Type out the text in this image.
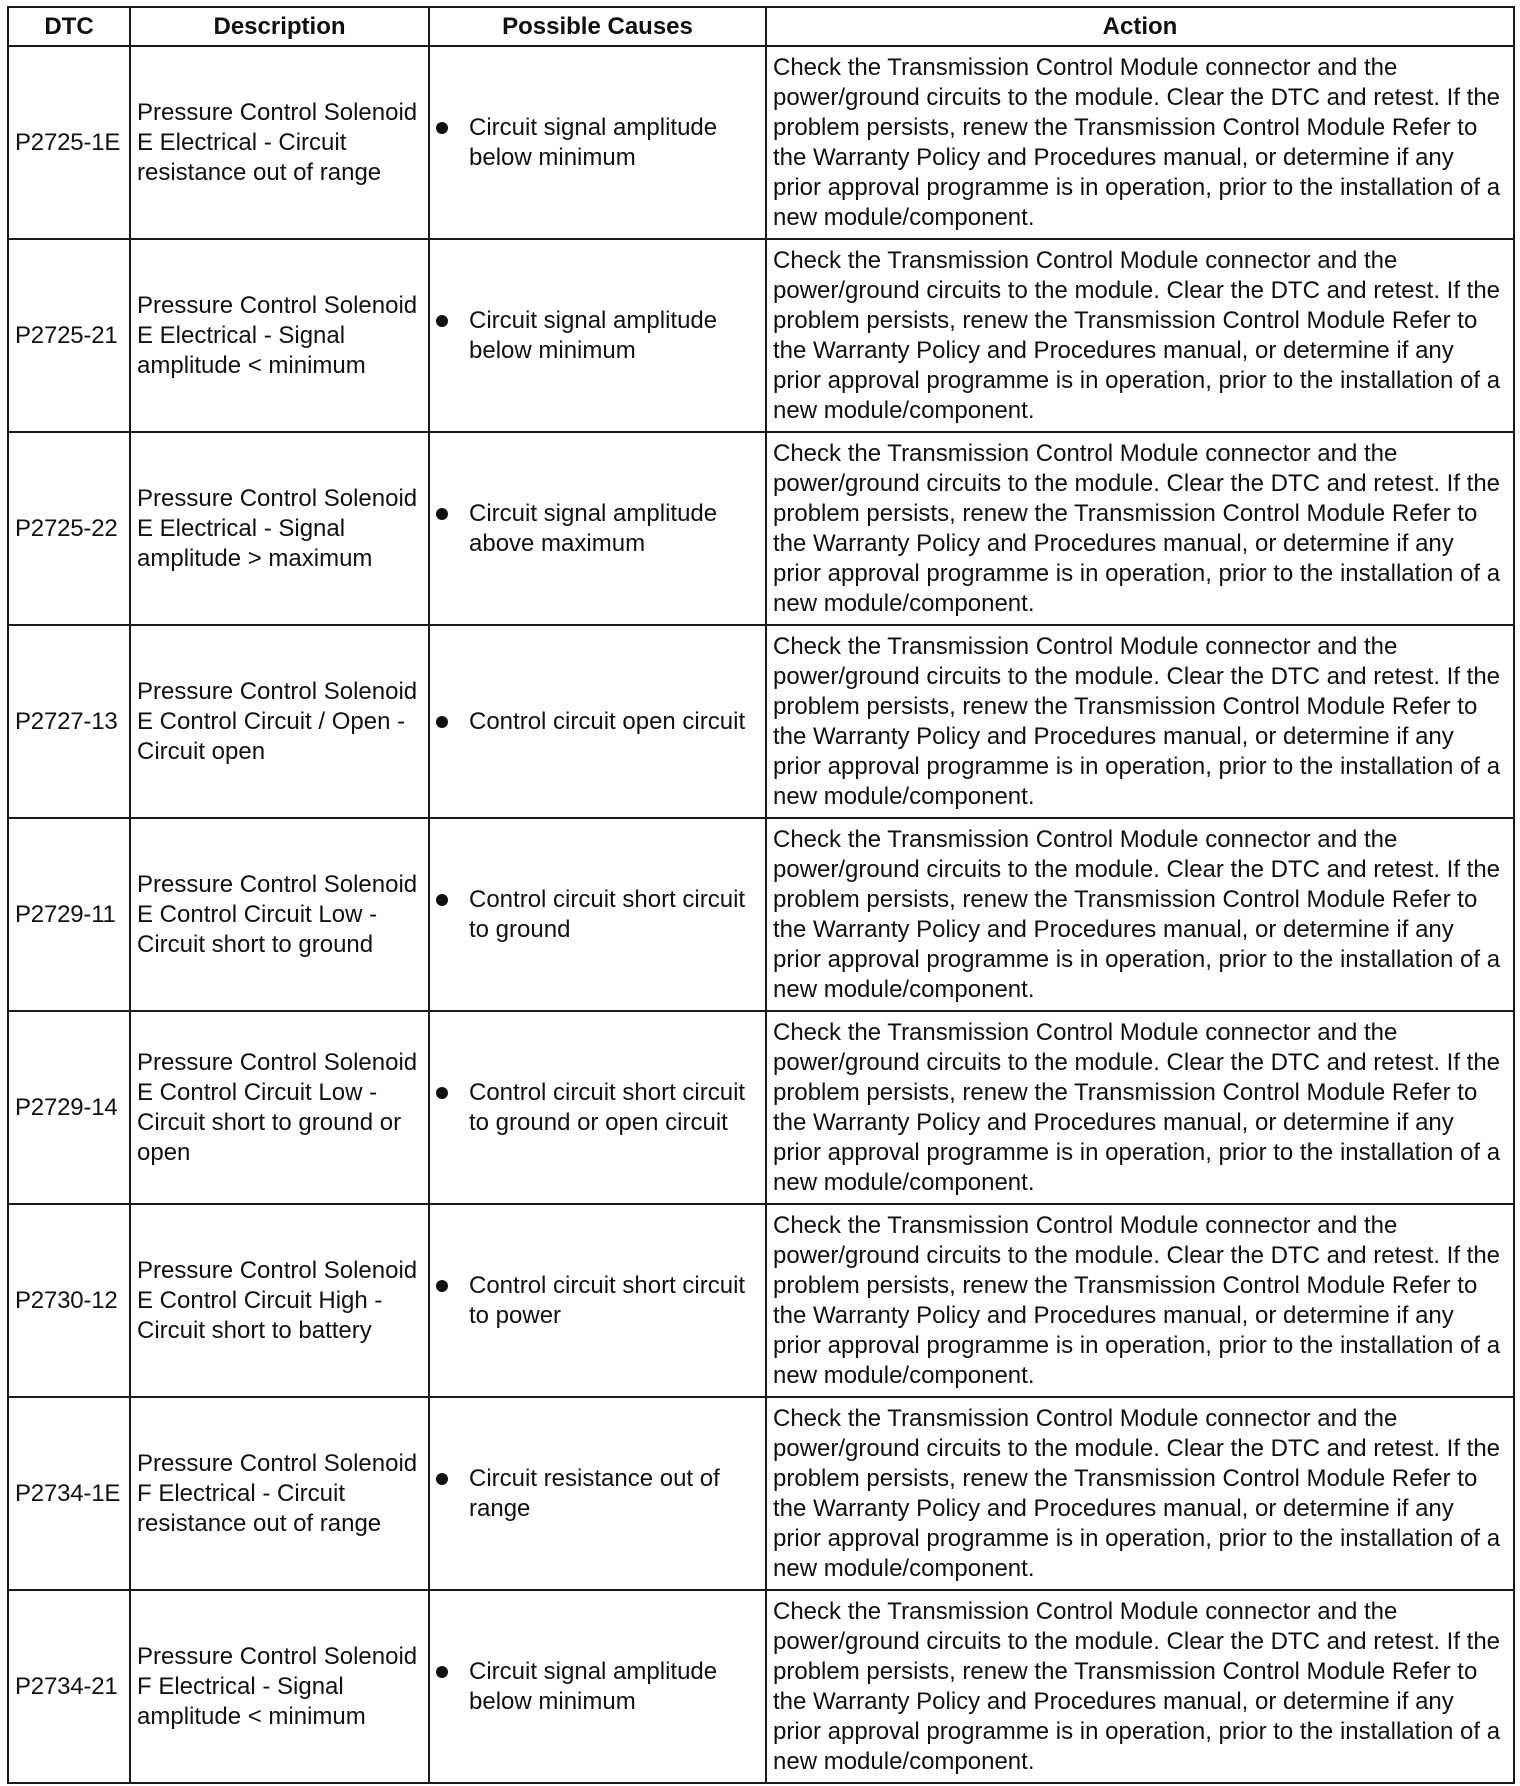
DTC	Description	Possible Causes	Action
P2725-1E	Pressure Control Solenoid E Electrical - Circuit resistance out of range	Circuit signal amplitude below minimum	Check the Transmission Control Module connector and the power/ground circuits to the module. Clear the DTC and retest. If the problem persists, renew the Transmission Control Module Refer to the Warranty Policy and Procedures manual, or determine if any prior approval programme is in operation, prior to the installation of a new module/component.
P2725-21	Pressure Control Solenoid E Electrical - Signal amplitude < minimum	Circuit signal amplitude below minimum	Check the Transmission Control Module connector and the power/ground circuits to the module. Clear the DTC and retest. If the problem persists, renew the Transmission Control Module Refer to the Warranty Policy and Procedures manual, or determine if any prior approval programme is in operation, prior to the installation of a new module/component.
P2725-22	Pressure Control Solenoid E Electrical - Signal amplitude > maximum	Circuit signal amplitude above maximum	Check the Transmission Control Module connector and the power/ground circuits to the module. Clear the DTC and retest. If the problem persists, renew the Transmission Control Module Refer to the Warranty Policy and Procedures manual, or determine if any prior approval programme is in operation, prior to the installation of a new module/component.
P2727-13	Pressure Control Solenoid E Control Circuit / Open - Circuit open	Control circuit open circuit	Check the Transmission Control Module connector and the power/ground circuits to the module. Clear the DTC and retest. If the problem persists, renew the Transmission Control Module Refer to the Warranty Policy and Procedures manual, or determine if any prior approval programme is in operation, prior to the installation of a new module/component.
P2729-11	Pressure Control Solenoid E Control Circuit Low - Circuit short to ground	Control circuit short circuit to ground	Check the Transmission Control Module connector and the power/ground circuits to the module. Clear the DTC and retest. If the problem persists, renew the Transmission Control Module Refer to the Warranty Policy and Procedures manual, or determine if any prior approval programme is in operation, prior to the installation of a new module/component.
P2729-14	Pressure Control Solenoid E Control Circuit Low - Circuit short to ground or open	Control circuit short circuit to ground or open circuit	Check the Transmission Control Module connector and the power/ground circuits to the module. Clear the DTC and retest. If the problem persists, renew the Transmission Control Module Refer to the Warranty Policy and Procedures manual, or determine if any prior approval programme is in operation, prior to the installation of a new module/component.
P2730-12	Pressure Control Solenoid E Control Circuit High - Circuit short to battery	Control circuit short circuit to power	Check the Transmission Control Module connector and the power/ground circuits to the module. Clear the DTC and retest. If the problem persists, renew the Transmission Control Module Refer to the Warranty Policy and Procedures manual, or determine if any prior approval programme is in operation, prior to the installation of a new module/component.
P2734-1E	Pressure Control Solenoid F Electrical - Circuit resistance out of range	Circuit resistance out of range	Check the Transmission Control Module connector and the power/ground circuits to the module. Clear the DTC and retest. If the problem persists, renew the Transmission Control Module Refer to the Warranty Policy and Procedures manual, or determine if any prior approval programme is in operation, prior to the installation of a new module/component.
P2734-21	Pressure Control Solenoid F Electrical - Signal amplitude < minimum	Circuit signal amplitude below minimum	Check the Transmission Control Module connector and the power/ground circuits to the module. Clear the DTC and retest. If the problem persists, renew the Transmission Control Module Refer to the Warranty Policy and Procedures manual, or determine if any prior approval programme is in operation, prior to the installation of a new module/component.
